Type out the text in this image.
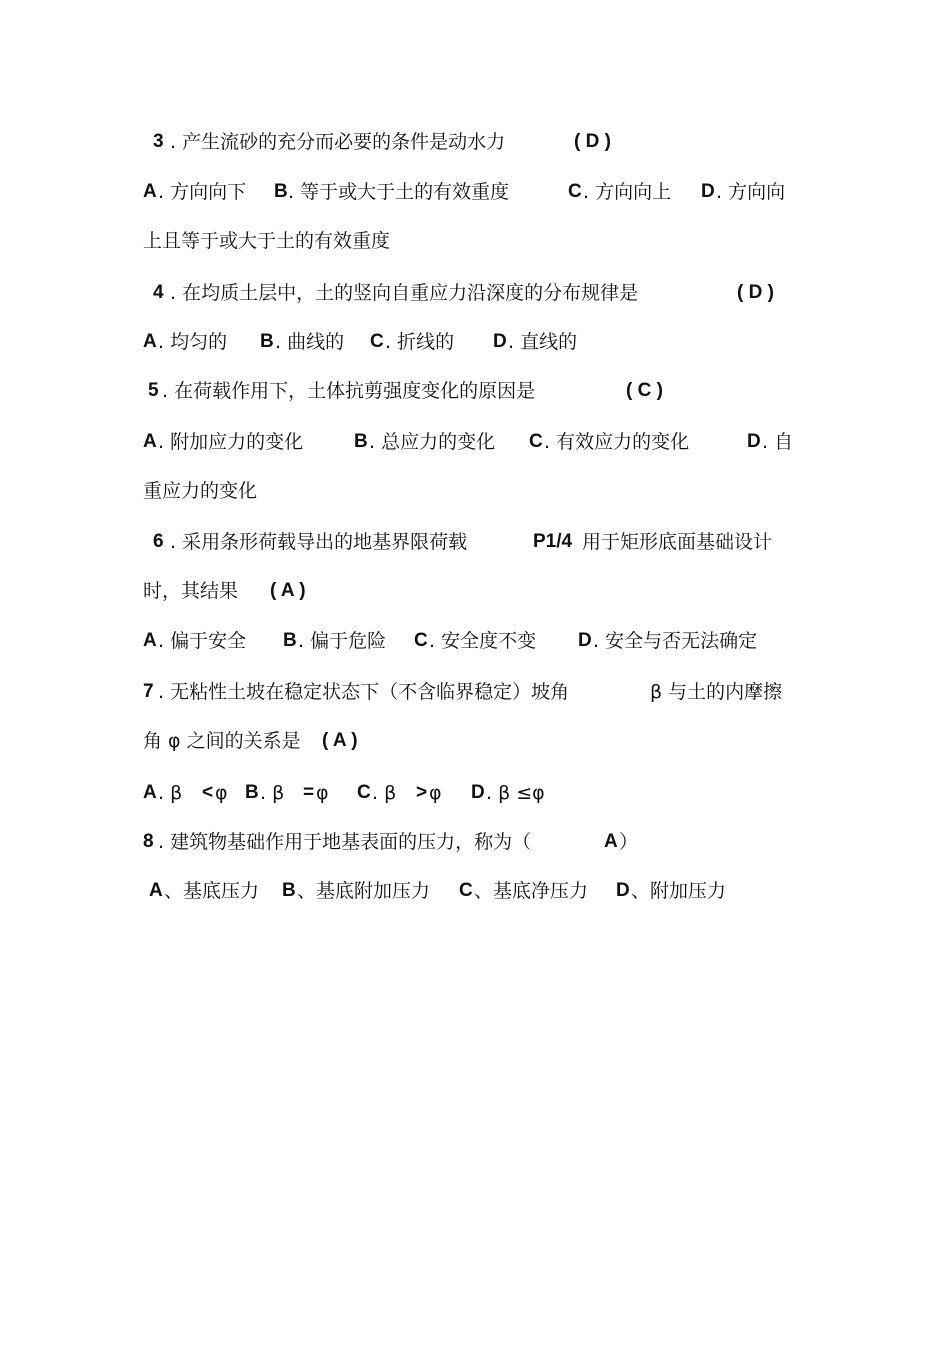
3 . 产生流砂的充分而必要的条件是动水力	( D )
A . 方向向下 B . 等于或大于土的有效重度	C . 方向向上 D . 方向向
上且等于或大于土的有效重度
4 . 在均质土层中，土的竖向自重应力沿深度的分布规律是	( D )
A . 均匀的 B . 曲线的 C . 折线的 D . 直线的
5 . 在荷载作用下，土体抗剪强度变化的原因是	( C )
A . 附加应力的变化	B . 总应力的变化 C . 有效应力的变化	D . 自
重应力的变化
6 . 采用条形荷载导出的地基界限荷载	P1/4 用于矩形底面基础设计
时，其结果 ( A )
A . 偏于安全 B . 偏于危险 C . 安全度不变 D . 安全与否无法确定
7 . 无粘性土坡在稳定状态下（不含临界稳定）坡角	β 与土的内摩擦
角 φ 之间的关系是 ( A )
A . β < φ B . β = φ C . β > φ D . β ≤φ
8 . 建筑物基础作用于地基表面的压力，称为（	A ）
A 、基底压力 B 、基底附加压力 C 、基底净压力 D 、附加压力
